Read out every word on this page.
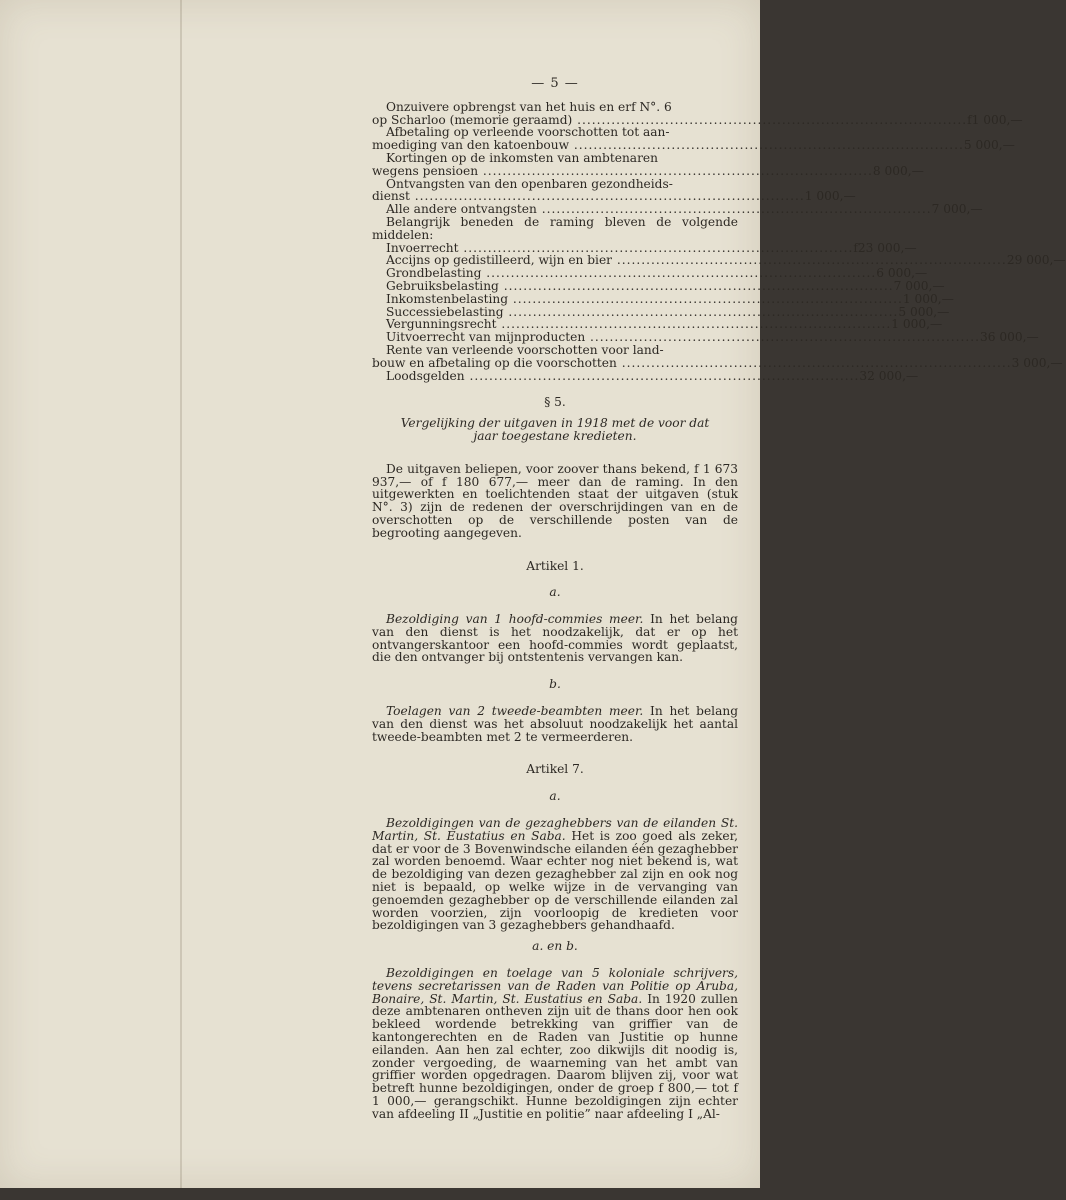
— 5 —
Onzuivere opbrengst van het huis en erf N°. 6
op Scharloo (memorie geraamd) ................................................................................ f 1 000,—
Afbetaling op verleende voorschotten tot aan-
moediging van den katoenbouw ................................................................................ 5 000,—
Kortingen op de inkomsten van ambtenaren
wegens pensioen ................................................................................ 8 000,—
Ontvangsten van den openbaren gezondheids-
dienst ................................................................................ 1 000,—
Alle andere ontvangsten ................................................................................ 7 000,—

Belangrijk beneden de raming bleven de volgende middelen:

Invoerrecht ................................................................................ f 23 000,—
Accijns op gedistilleerd, wijn en bier ................................................................................ 29 000,—
Grondbelasting ................................................................................ 6 000,—
Gebruiksbelasting ................................................................................ 7 000,—
Inkomstenbelasting ................................................................................ 1 000,—
Successiebelasting ................................................................................ 5 000,—
Vergunningsrecht ................................................................................ 1 000,—
Uitvoerrecht van mijnproducten ................................................................................ 36 000,—
Rente van verleende voorschotten voor land-
bouw en afbetaling op die voorschotten ................................................................................ 3 000,—
Loodsgelden ................................................................................ 32 000,—
§ 5.

Vergelijking der uitgaven in 1918 met de voor dat jaar toegestane kredieten.

De uitgaven beliepen, voor zoover thans bekend, f 1 673 937,— of f 180 677,— meer dan de raming. In den uitgewerkten en toelichtenden staat der uitgaven (stuk N°. 3) zijn de redenen der overschrijdingen van en de overschotten op de verschillende posten van de begrooting aangegeven.

Artikel 1.
a.

Bezoldiging van 1 hoofd-commies meer. In het belang van den dienst is het noodzakelijk, dat er op het ontvangerskantoor een hoofd-commies wordt geplaatst, die den ontvanger bij ontstentenis vervangen kan.

b.

Toelagen van 2 tweede-beambten meer. In het belang van den dienst was het absoluut noodzakelijk het aantal tweede-beambten met 2 te vermeerderen.

Artikel 7.
a.

Bezoldigingen van de gezaghebbers van de eilanden St. Martin, St. Eustatius en Saba. Het is zoo goed als zeker, dat er voor de 3 Bovenwindsche eilanden één gezaghebber zal worden benoemd. Waar echter nog niet bekend is, wat de bezoldiging van dezen gezaghebber zal zijn en ook nog niet is bepaald, op welke wijze in de vervanging van genoemden gezaghebber op de verschillende eilanden zal worden voorzien, zijn voorloopig de kredieten voor bezoldigingen van 3 gezaghebbers gehandhaafd.

a. en b.

Bezoldigingen en toelage van 5 koloniale schrijvers, tevens secretarissen van de Raden van Politie op Aruba, Bonaire, St. Martin, St. Eustatius en Saba. In 1920 zullen deze ambtenaren ontheven zijn uit de thans door hen ook bekleed wordende betrekking van griffier van de kantongerechten en de Raden van Justitie op hunne eilanden. Aan hen zal echter, zoo dikwijls dit noodig is, zonder vergoeding, de waarneming van het ambt van griffier worden opgedragen. Daarom blijven zij, voor wat betreft hunne bezoldigingen, onder de groep f 800,— tot f 1 000,— gerangschikt. Hunne bezoldigingen zijn echter van afdeeling II „Justitie en politie” naar afdeeling I „Al-
